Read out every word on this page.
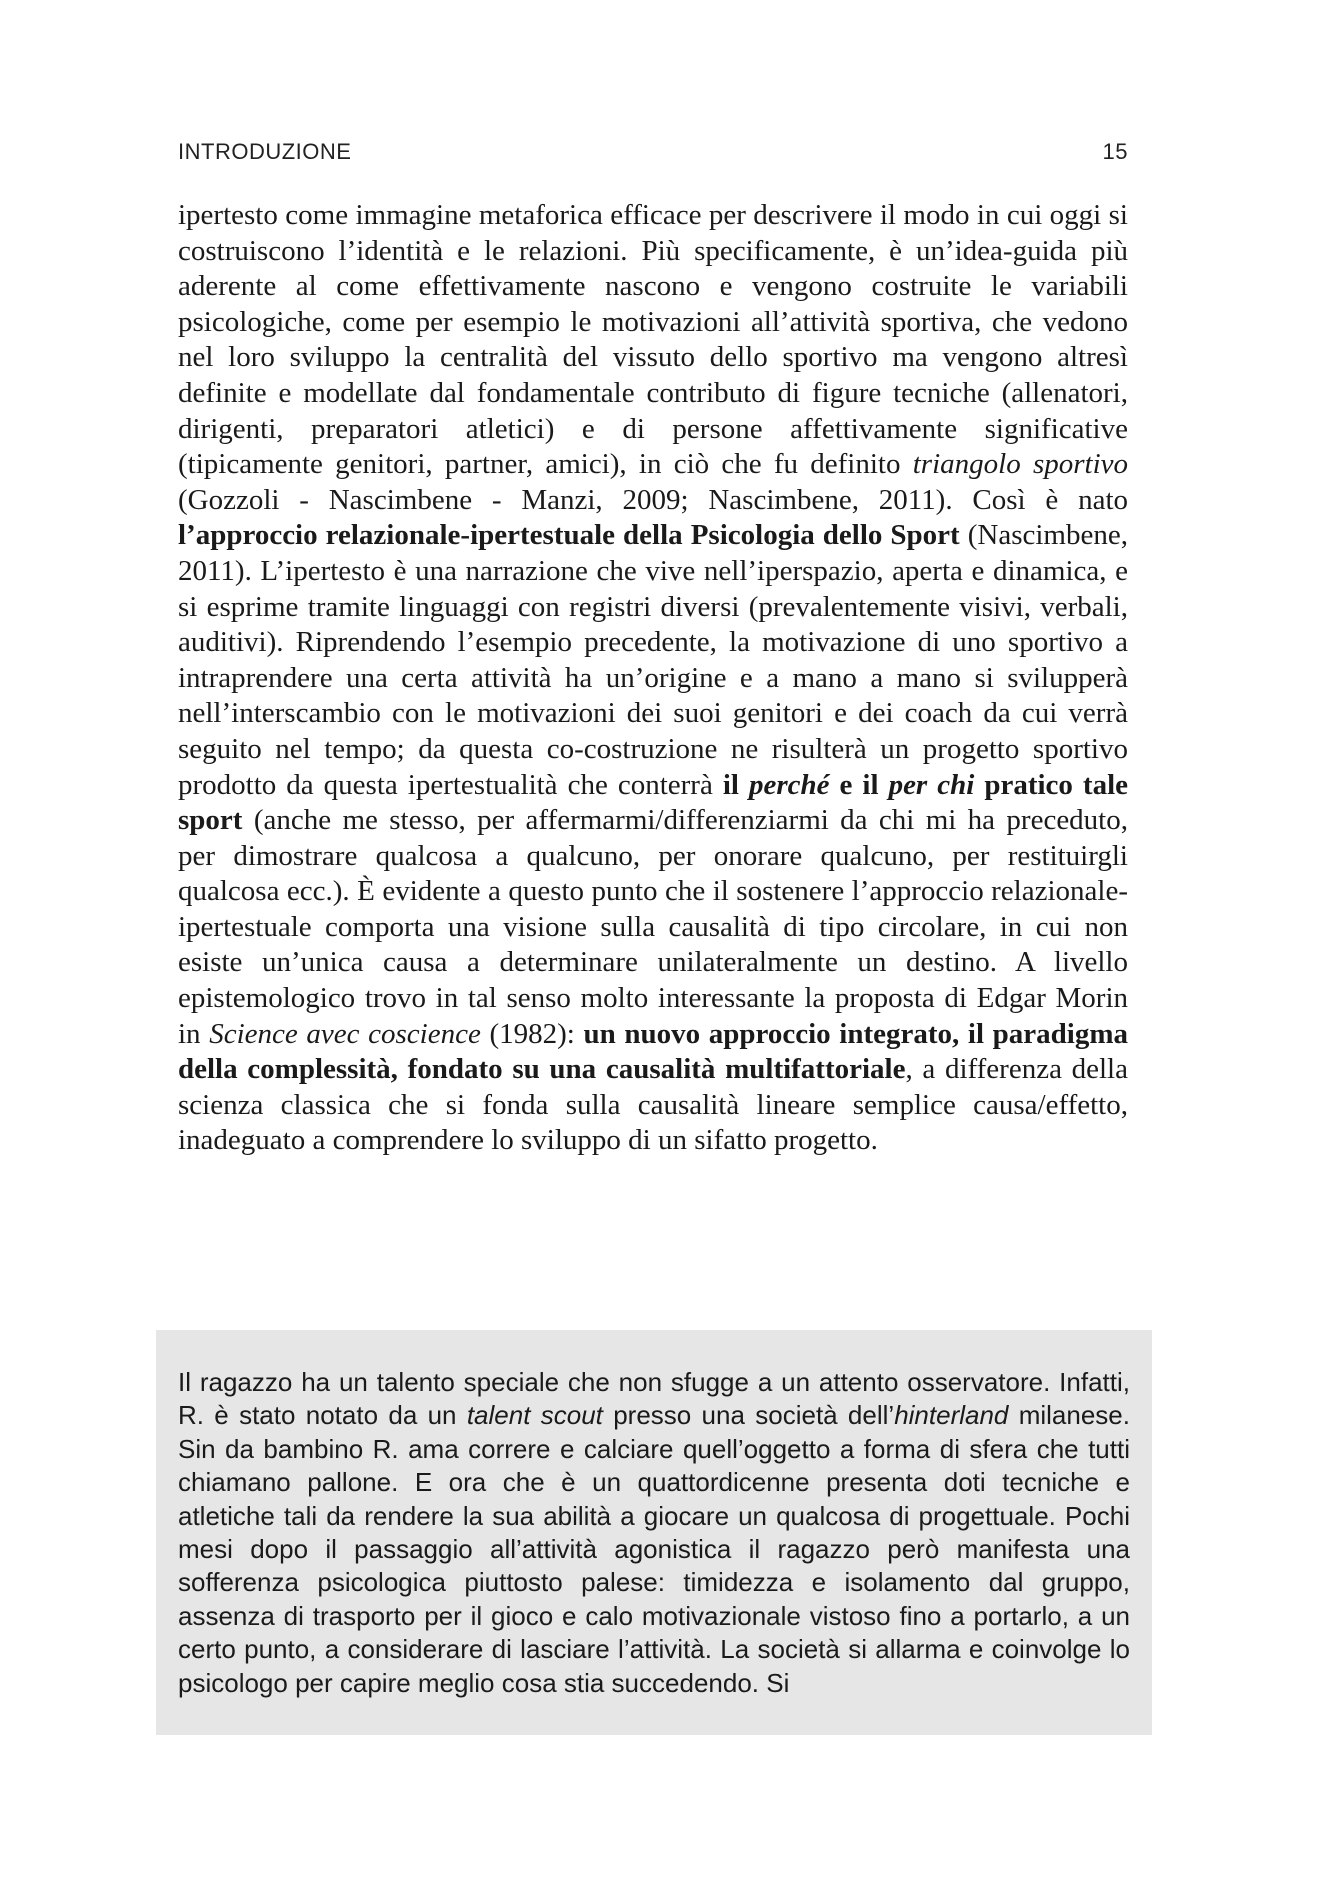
INTRODUZIONE	15

ipertesto come immagine metaforica efficace per descrivere il modo in cui oggi si costruiscono l’identità e le relazioni. Più specificamente, è un’idea-guida più aderente al come effettivamente nascono e vengono costruite le variabili psicologiche, come per esempio le motivazioni all’attività sportiva, che vedono nel loro sviluppo la centralità del vissuto dello sportivo ma vengono altresì definite e modellate dal fondamentale contributo di figure tecniche (allenatori, dirigenti, preparatori atletici) e di persone affettivamente significative (tipicamente genitori, partner, amici), in ciò che fu definito triangolo sportivo (Gozzoli - Nascimbene - Manzi, 2009; Nascimbene, 2011). Così è nato l’approccio relazionale-ipertestuale della Psicologia dello Sport (Nascimbene, 2011). L’ipertesto è una narrazione che vive nell’iperspazio, aperta e dinamica, e si esprime tramite linguaggi con registri diversi (prevalentemente visivi, verbali, auditivi). Riprendendo l’esempio precedente, la motivazione di uno sportivo a intraprendere una certa attività ha un’origine e a mano a mano si svilupperà nell’interscambio con le motivazioni dei suoi genitori e dei coach da cui verrà seguito nel tempo; da questa co-costruzione ne risulterà un progetto sportivo prodotto da questa ipertestualità che conterrà il perché e il per chi pratico tale sport (anche me stesso, per affermarmi/differenziarmi da chi mi ha preceduto, per dimostrare qualcosa a qualcuno, per onorare qualcuno, per restituirgli qualcosa ecc.). È evidente a questo punto che il sostenere l’approccio relazionale-ipertestuale comporta una visione sulla causalità di tipo circolare, in cui non esiste un’unica causa a determinare unilateralmente un destino. A livello epistemologico trovo in tal senso molto interessante la proposta di Edgar Morin in Science avec coscience (1982): un nuovo approccio integrato, il paradigma della complessità, fondato su una causalità multifattoriale, a differenza della scienza classica che si fonda sulla causalità lineare semplice causa/effetto, inadeguato a comprendere lo sviluppo di un sifatto progetto.

Il ragazzo ha un talento speciale che non sfugge a un attento osservatore. Infatti, R. è stato notato da un talent scout presso una società dell’hinterland milanese. Sin da bambino R. ama correre e calciare quell’oggetto a forma di sfera che tutti chiamano pallone. E ora che è un quattordicenne presenta doti tecniche e atletiche tali da rendere la sua abilità a giocare un qualcosa di progettuale. Pochi mesi dopo il passaggio all’attività agonistica il ragazzo però manifesta una sofferenza psicologica piuttosto palese: timidezza e isolamento dal gruppo, assenza di trasporto per il gioco e calo motivazionale vistoso fino a portarlo, a un certo punto, a considerare di lasciare l’attività. La società si allarma e coinvolge lo psicologo per capire meglio cosa stia succedendo. Si
